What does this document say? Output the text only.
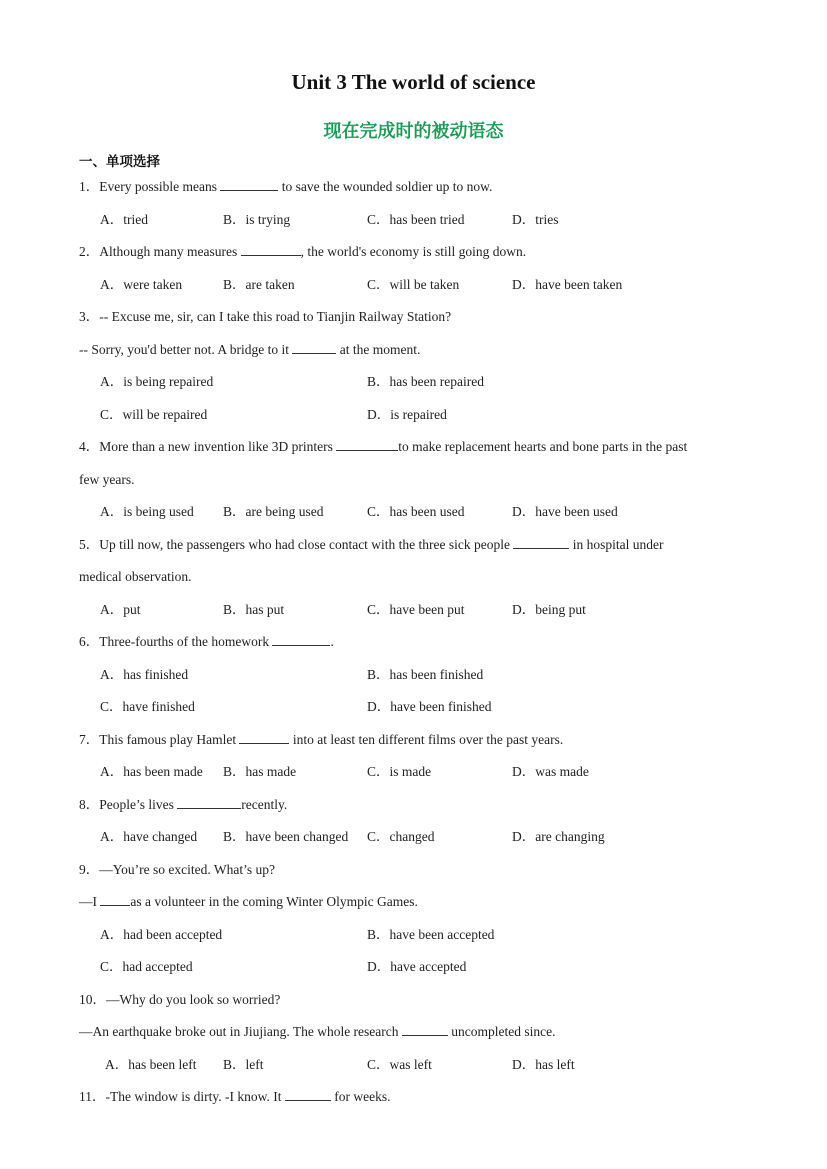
Unit 3 The world of science
现在完成时的被动语态
一、单项选择
1．Every possible means	to save the wounded soldier up to now.
A．tried	B．is trying	C．has been tried	D．tries
2．Although many measures	, the world's economy is still going down.
A．were taken	B．are taken	C．will be taken	D．have been taken
3．-- Excuse me, sir, can I take this road to Tianjin Railway Station?
-- Sorry, you'd better not. A bridge to it	at the moment.
A．is being repaired	B．has been repaired
C．will be repaired	D．is repaired
4．More than a new invention like 3D printers	to make replacement hearts and bone parts in the past
few years.
A．is being used B．are being used	C．has been used	D．have been used
5．Up till now, the passengers who had close contact with the three sick people	in hospital under
medical observation.
A．put	B．has put	C．have been put	D．being put
6．Three-fourths of the homework	.
A．has finished	B．has been finished
C．have finished	D．have been finished
7．This famous play Hamlet	into at least ten different films over the past years.
A．has been made B．has made	C．is made	D．was made
8．People’s lives	recently.
A．have changed B．have been changed C．changed	D．are changing
9．—You’re so excited. What’s up?
—I as a volunteer in the coming Winter Olympic Games.
A．had been accepted	B．have been accepted
C．had accepted	D．have accepted
10．—Why do you look so worried?
—An earthquake broke out in Jiujiang. The whole research	uncompleted since.
A．has been left B．left	C．was left	D．has left
11．-The window is dirty. -I know. It	for weeks.
